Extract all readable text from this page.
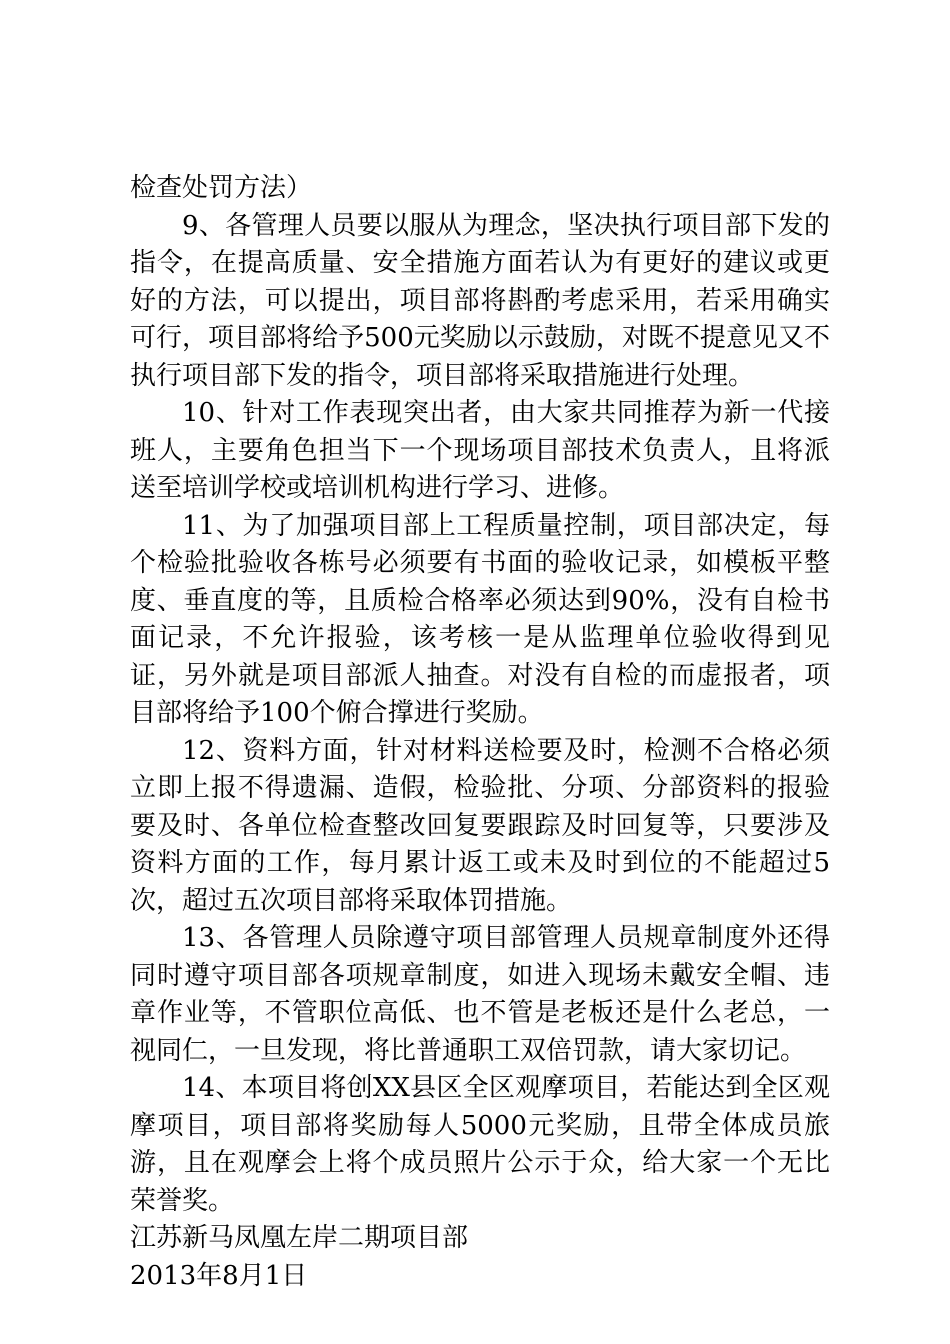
检查处罚方法）

9、各管理人员要以服从为理念，坚决执行项目部下发的指令，在提高质量、安全措施方面若认为有更好的建议或更好的方法，可以提出，项目部将斟酌考虑采用，若采用确实可行，项目部将给予500元奖励以示鼓励，对既不提意见又不执行项目部下发的指令，项目部将采取措施进行处理。

10、针对工作表现突出者，由大家共同推荐为新一代接班人，主要角色担当下一个现场项目部技术负责人，且将派送至培训学校或培训机构进行学习、进修。

11、为了加强项目部上工程质量控制，项目部决定，每个检验批验收各栋号必须要有书面的验收记录，如模板平整度、垂直度的等，且质检合格率必须达到90%，没有自检书面记录，不允许报验，该考核一是从监理单位验收得到见证，另外就是项目部派人抽查。对没有自检的而虚报者，项目部将给予100个俯合撑进行奖励。

12、资料方面，针对材料送检要及时，检测不合格必须立即上报不得遗漏、造假，检验批、分项、分部资料的报验要及时、各单位检查整改回复要跟踪及时回复等，只要涉及资料方面的工作，每月累计返工或未及时到位的不能超过5次，超过五次项目部将采取体罚措施。

13、各管理人员除遵守项目部管理人员规章制度外还得同时遵守项目部各项规章制度，如进入现场未戴安全帽、违章作业等，不管职位高低、也不管是老板还是什么老总，一视同仁，一旦发现，将比普通职工双倍罚款，请大家切记。

14、本项目将创XX县区全区观摩项目，若能达到全区观摩项目，项目部将奖励每人5000元奖励，且带全体成员旅游，且在观摩会上将个成员照片公示于众，给大家一个无比荣誉奖。

江苏新马凤凰左岸二期项目部

2013年8月1日
